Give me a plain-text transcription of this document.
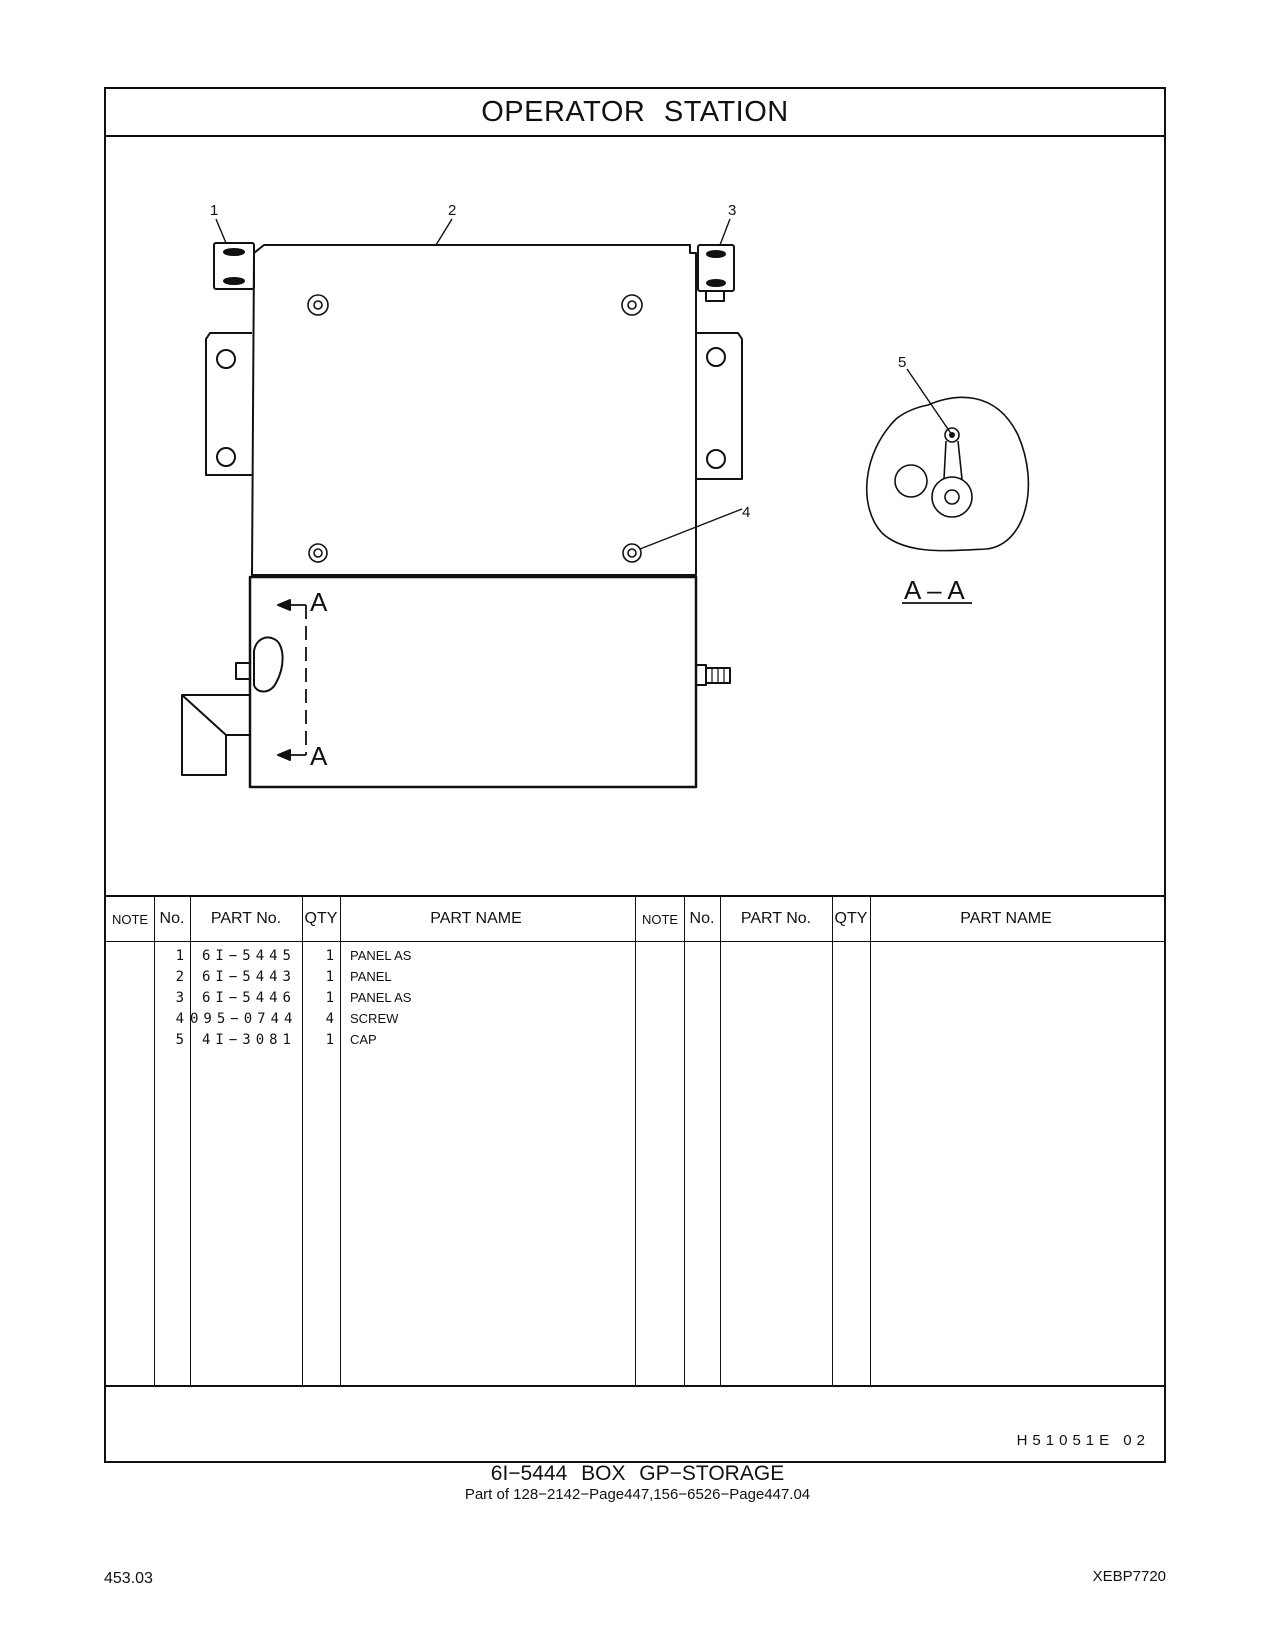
OPERATOR STATION
1	2	3
4
5
A
A
A – A
NOTE No.	PART No.	QTY	PART NAME
1	6I−5445	1 PANEL AS
2	6I−5443	1 PANEL
3	6I−5446	1 PANEL AS
4 095−0744	4 SCREW
5	4I−3081	1 CAP
NOTE No.	PART No.	QTY	PART NAME
H51051E 02
6I−5444 BOX GP−STORAGE
Part of 128−2142−Page447,156−6526−Page447.04
453.03	XEBP7720
